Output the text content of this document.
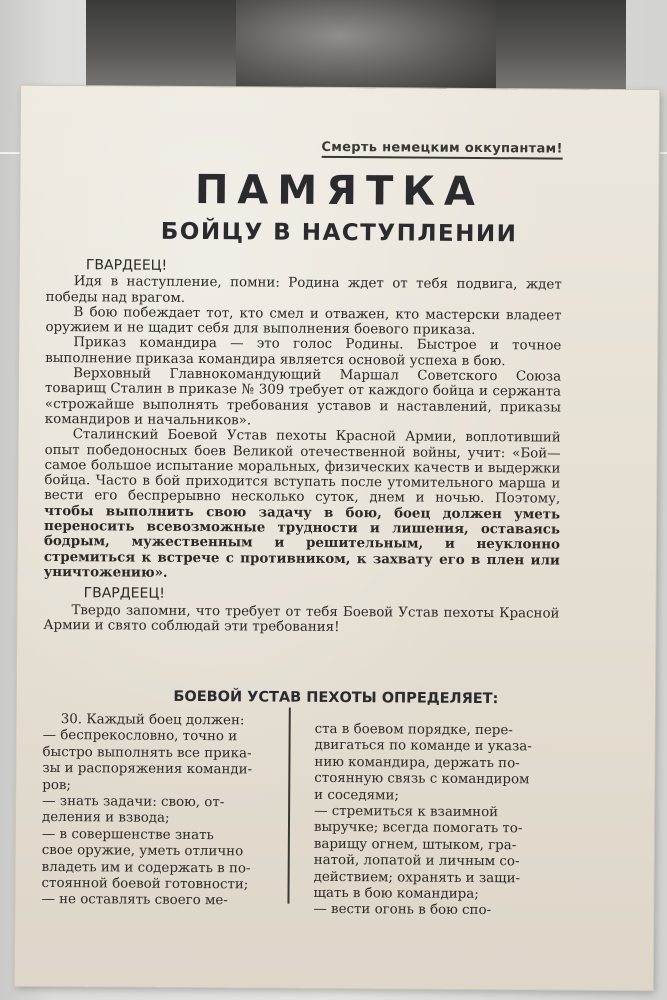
Смерть немецким оккупантам!
ПАМЯТКА
БОЙЦУ В НАСТУПЛЕНИИ

ГВАРДЕЕЦ!

Идя в наступление, помни: Родина ждет от тебя подвига, ждет победы над врагом.

В бою побеждает тот, кто смел и отважен, кто мастерски владеет оружием и не щадит себя для выполнения боевого приказа.

Приказ командира — это голос Родины. Быстрое и точное выполнение приказа командира является основой успеха в бою.

Верховный Главнокомандующий Маршал Советского Союза товарищ Сталин в приказе № 309 требует от каждого бойца и сержанта «строжайше выполнять требования уставов и наставлений, приказы командиров и начальников».

Сталинский Боевой Устав пехоты Красной Армии, воплотивший опыт победоносных боев Великой отечественной войны, учит: «Бой—самое большое испытание моральных, физических качеств и выдержки бойца. Часто в бой приходится вступать после утомительного марша и вести его беспрерывно несколько суток, днем и ночью. Поэтому, чтобы выполнить свою задачу в бою, боец должен уметь переносить всевозможные трудности и лишения, оставаясь бодрым, мужественным и решительным, и неуклонно стремиться к встрече с противником, к захвату его в плен или уничтожению».

ГВАРДЕЕЦ!

Твердо запомни, что требует от тебя Боевой Устав пехоты Красной Армии и свято соблюдай эти требования!

БОЕВОЙ УСТАВ ПЕХОТЫ ОПРЕДЕЛЯЕТ:
30. Каждый боец должен:
— беспрекословно, точно и
быстро выполнять все прика-
зы и распоряжения команди-
ров;
— знать задачи: свою, от-
деления и взвода;
— в совершенстве знать
свое оружие, уметь отлично
владеть им и содержать в по-
стоянной боевой готовности;
— не оставлять своего ме-
ста в боевом порядке, пере-
двигаться по команде и указа-
нию командира, держать по-
стоянную связь с командиром
и соседями;
— стремиться к взаимной
выручке; всегда помогать то-
варищу огнем, штыком, гра-
натой, лопатой и личным со-
действием; охранять и защи-
щать в бою командира;
— вести огонь в бою спо-
